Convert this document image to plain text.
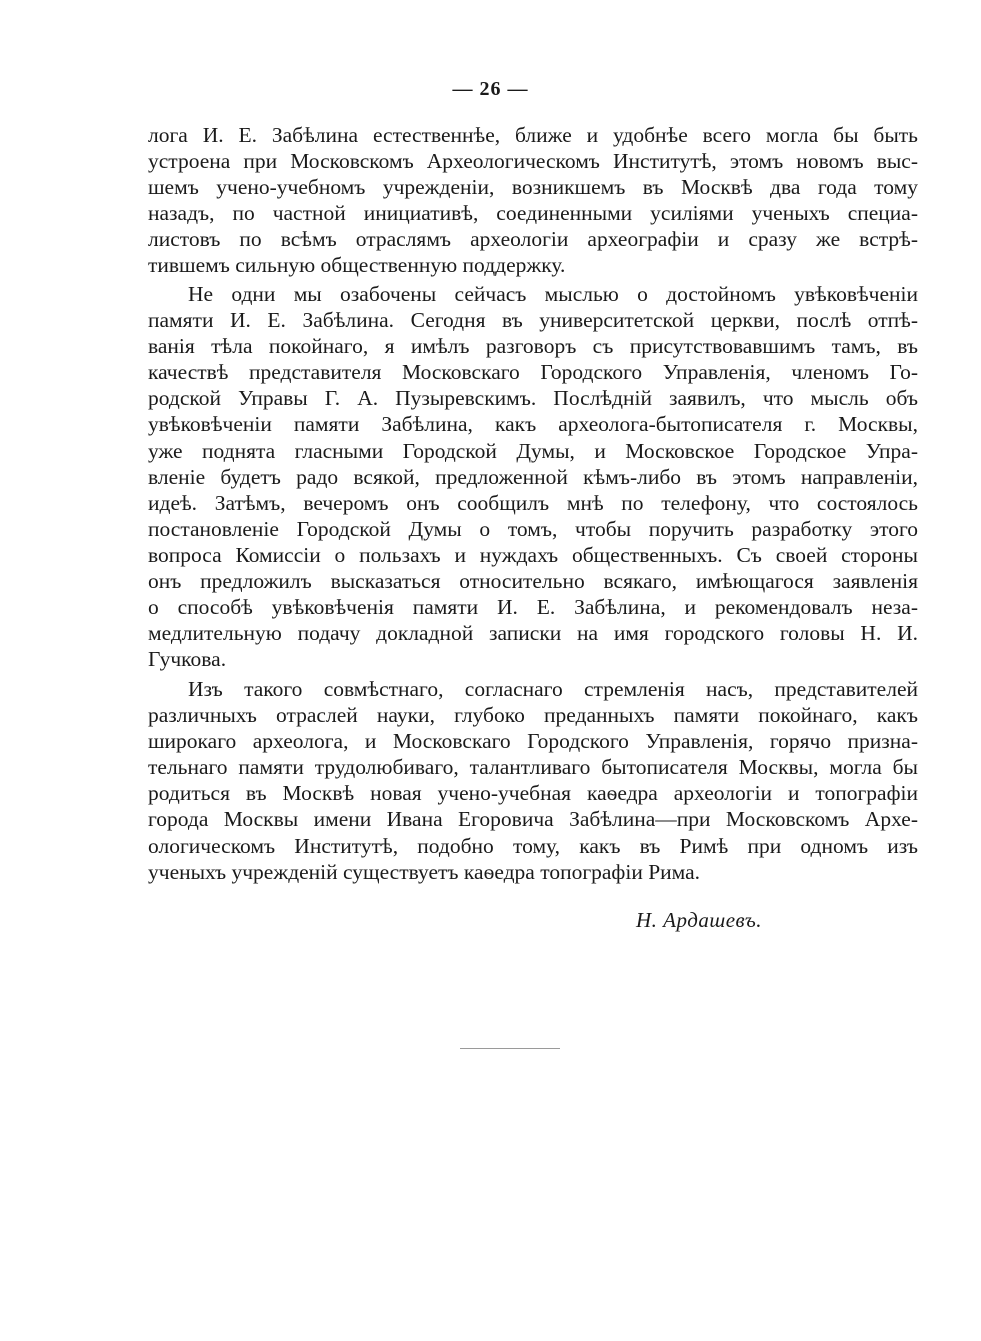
— 26 —
лога И. Е. Забѣлина естественнѣе, ближе и удобнѣе всего могла бы быть
устроена при Московскомъ Археологическомъ Институтѣ, этомъ новомъ выс-
шемъ учено-учебномъ учрежденiи, возникшемъ въ Москвѣ два года тому
назадъ, по частной инициативѣ, соединенными усилiями ученыхъ специа-
листовъ по всѣмъ отраслямъ археологiи археографiи и сразу же встрѣ-
тившемъ сильную общественную поддержку.
Не одни мы озабочены сейчасъ мыслью о достойномъ увѣковѣченiи
памяти И. Е. Забѣлина. Сегодня въ университетской церкви, послѣ отпѣ-
ванiя тѣла покойнаго, я имѣлъ разговоръ съ присутствовавшимъ тамъ, въ
качествѣ представителя Московскаго Городского Управленiя, членомъ Го-
родской Управы Г. А. Пузыревскимъ. Послѣднiй заявилъ, что мысль объ
увѣковѣченiи памяти Забѣлина, какъ археолога-бытописателя г. Москвы,
уже поднята гласными Городской Думы, и Московское Городское Упра-
вленiе будетъ радо всякой, предложенной кѣмъ-либо въ этомъ направленiи,
идеѣ. Затѣмъ, вечеромъ онъ сообщилъ мнѣ по телефону, что состоялось
постановленiе Городской Думы о томъ, чтобы поручить разработку этого
вопроса Комиссiи о пользахъ и нуждахъ общественныхъ. Съ своей стороны
онъ предложилъ высказаться относительно всякаго, имѣющагося заявленiя
о способѣ увѣковѣченiя памяти И. Е. Забѣлина, и рекомендовалъ неза-
медлительную подачу докладной записки на имя городского головы Н. И.
Гучкова.
Изъ такого совмѣстнаго, согласнаго стремленiя насъ, представителей
различныхъ отраслей науки, глубоко преданныхъ памяти покойнаго, какъ
широкаго археолога, и Московскаго Городского Управленiя, горячо призна-
тельнаго памяти трудолюбиваго, талантливаго бытописателя Москвы, могла бы
родиться въ Москвѣ новая учено-учебная каѳедра археологiи и топографiи
города Москвы имени Ивана Егоровича Забѣлина—при Московскомъ Архе-
ологическомъ Институтѣ, подобно тому, какъ въ Римѣ при одномъ изъ
ученыхъ учрежденiй существуетъ каѳедра топографiи Рима.
Н. Ардашевъ.
